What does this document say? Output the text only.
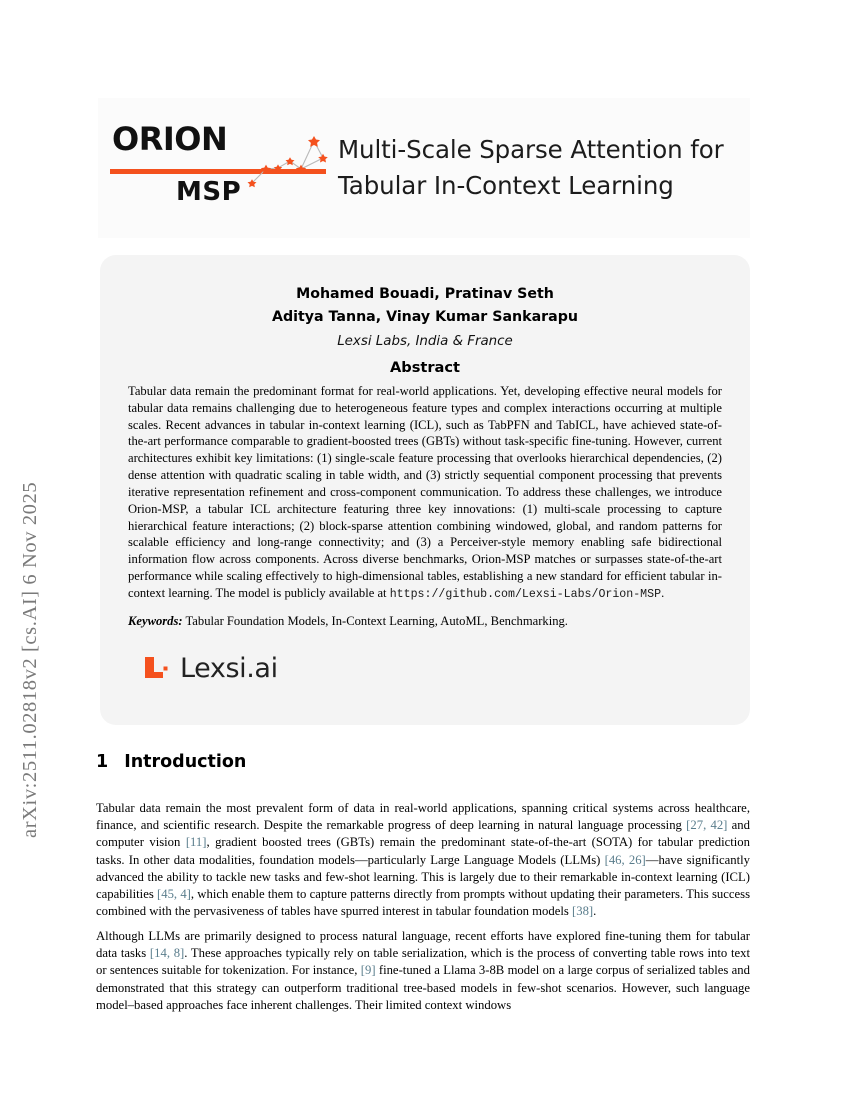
arXiv:2511.02818v2 [cs.AI] 6 Nov 2025
ORION
MSP
Multi-Scale Sparse Attention for
Tabular In-Context Learning
Mohamed Bouadi, Pratinav Seth
Aditya Tanna, Vinay Kumar Sankarapu
Lexsi Labs, India & France
Abstract
Tabular data remain the predominant format for real-world applications. Yet, developing effective neural models for tabular data remains challenging due to heterogeneous feature types and complex interactions occurring at multiple scales. Recent advances in tabular in-context learning (ICL), such as TabPFN and TabICL, have achieved state-of-the-art performance comparable to gradient-boosted trees (GBTs) without task-specific fine-tuning. However, current architectures exhibit key limitations: (1) single-scale feature processing that overlooks hierarchical dependencies, (2) dense attention with quadratic scaling in table width, and (3) strictly sequential component processing that prevents iterative representation refinement and cross-component communication. To address these challenges, we introduce Orion-MSP, a tabular ICL architecture featuring three key innovations: (1) multi-scale processing to capture hierarchical feature interactions; (2) block-sparse attention combining windowed, global, and random patterns for scalable efficiency and long-range connectivity; and (3) a Perceiver-style memory enabling safe bidirectional information flow across components. Across diverse benchmarks, Orion-MSP matches or surpasses state-of-the-art performance while scaling effectively to high-dimensional tables, establishing a new standard for efficient tabular in-context learning. The model is publicly available at https://github.com/Lexsi-Labs/Orion-MSP.
Keywords: Tabular Foundation Models, In-Context Learning, AutoML, Benchmarking.
Lexsi.ai
1 Introduction
Tabular data remain the most prevalent form of data in real-world applications, spanning critical systems across healthcare, finance, and scientific research. Despite the remarkable progress of deep learning in natural language processing [27, 42] and computer vision [11], gradient boosted trees (GBTs) remain the predominant state-of-the-art (SOTA) for tabular prediction tasks. In other data modalities, foundation models—particularly Large Language Models (LLMs) [46, 26]—have significantly advanced the ability to tackle new tasks and few-shot learning. This is largely due to their remarkable in-context learning (ICL) capabilities [45, 4], which enable them to capture patterns directly from prompts without updating their parameters. This success combined with the pervasiveness of tables have spurred interest in tabular foundation models [38].
Although LLMs are primarily designed to process natural language, recent efforts have explored fine-tuning them for tabular data tasks [14, 8]. These approaches typically rely on table serialization, which is the process of converting table rows into text or sentences suitable for tokenization. For instance, [9] fine-tuned a Llama 3-8B model on a large corpus of serialized tables and demonstrated that this strategy can outperform traditional tree-based models in few-shot scenarios. However, such language model–based approaches face inherent challenges. Their limited context windows
